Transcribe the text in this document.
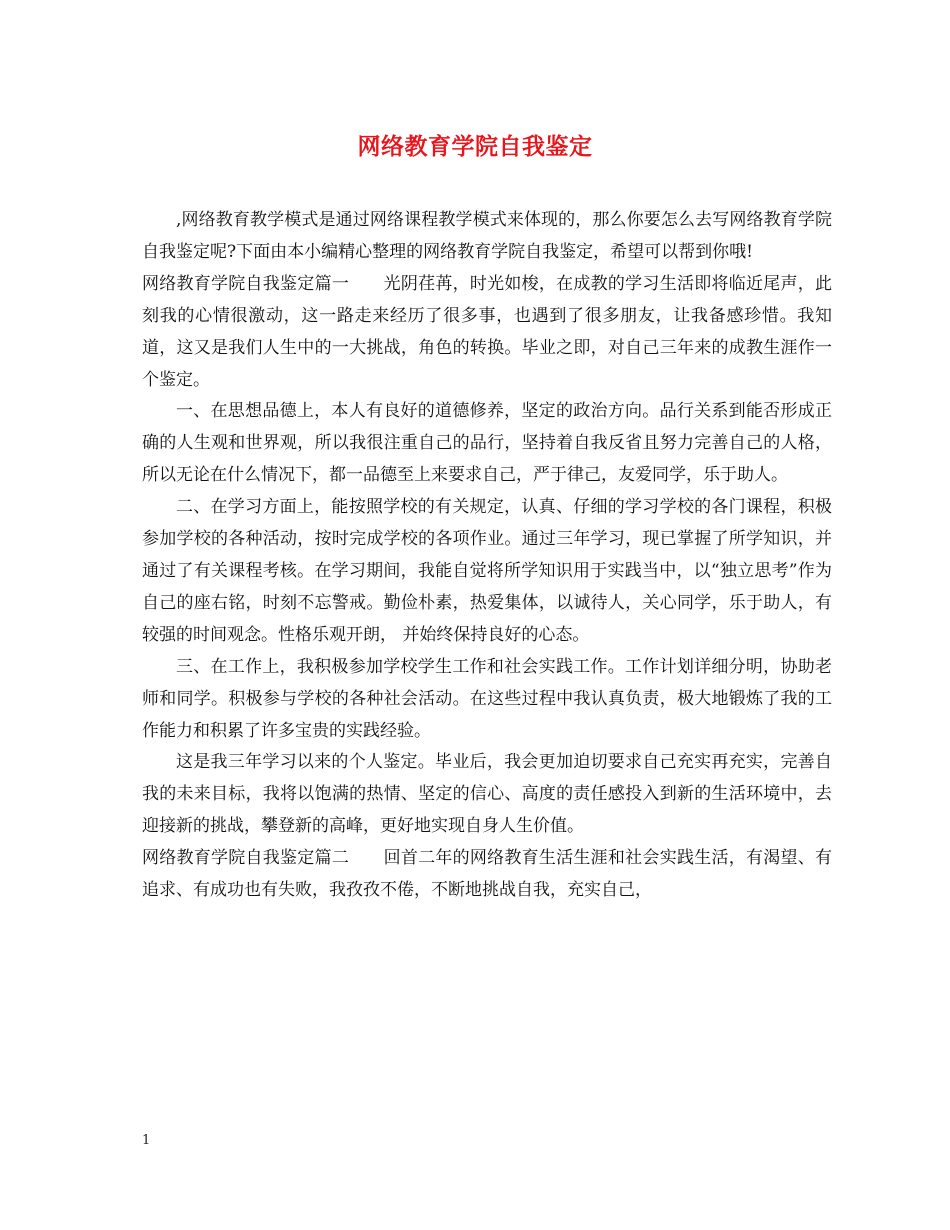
网络教育学院自我鉴定

,网络教育教学模式是通过网络课程教学模式来体现的，那么你要怎么去写网络教育学院自我鉴定呢?下面由本小编精心整理的网络教育学院自我鉴定，希望可以帮到你哦!

网络教育学院自我鉴定篇一　　光阴荏苒，时光如梭，在成教的学习生活即将临近尾声，此刻我的心情很激动，这一路走来经历了很多事，也遇到了很多朋友，让我备感珍惜。我知道，这又是我们人生中的一大挑战，角色的转换。毕业之即，对自己三年来的成教生涯作一个鉴定。

一、在思想品德上，本人有良好的道德修养，坚定的政治方向。品行关系到能否形成正确的人生观和世界观，所以我很注重自己的品行，坚持着自我反省且努力完善自己的人格，所以无论在什么情况下，都一品德至上来要求自己，严于律己，友爱同学，乐于助人。

二、在学习方面上，能按照学校的有关规定，认真、仔细的学习学校的各门课程，积极参加学校的各种活动，按时完成学校的各项作业。通过三年学习，现已掌握了所学知识，并通过了有关课程考核。在学习期间，我能自觉将所学知识用于实践当中，以“独立思考”作为自己的座右铭，时刻不忘警戒。勤俭朴素，热爱集体，以诚待人，关心同学，乐于助人，有较强的时间观念。性格乐观开朗， 并始终保持良好的心态。

三、在工作上，我积极参加学校学生工作和社会实践工作。工作计划详细分明，协助老师和同学。积极参与学校的各种社会活动。在这些过程中我认真负责，极大地锻炼了我的工作能力和积累了许多宝贵的实践经验。

这是我三年学习以来的个人鉴定。毕业后，我会更加迫切要求自己充实再充实，完善自我的未来目标，我将以饱满的热情、坚定的信心、高度的责任感投入到新的生活环境中，去迎接新的挑战，攀登新的高峰，更好地实现自身人生价值。

网络教育学院自我鉴定篇二　　回首二年的网络教育生活生涯和社会实践生活，有渴望、有追求、有成功也有失败，我孜孜不倦，不断地挑战自我，充实自己，

1
